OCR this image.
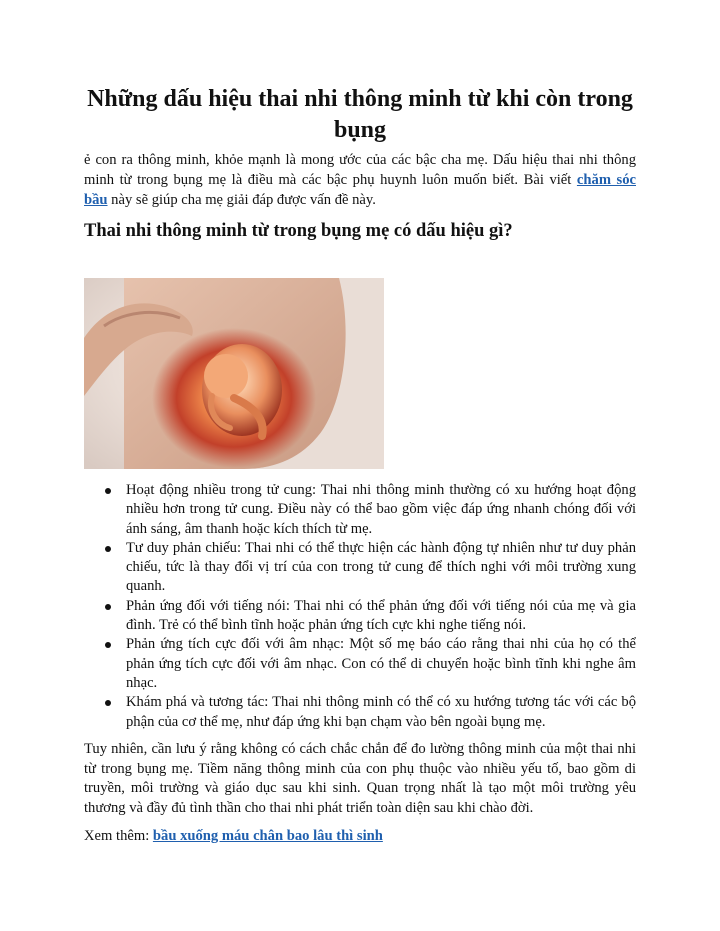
Những dấu hiệu thai nhi thông minh từ khi còn trong bụng

ẻ con ra thông minh, khỏe mạnh là mong ước của các bậc cha mẹ. Dấu hiệu thai nhi thông
minh từ trong bụng mẹ là điều mà các bậc phụ huynh luôn muốn biết. Bài viết chăm sóc
bầu này sẽ giúp cha mẹ giải đáp được vấn đề này.

Thai nhi thông minh từ trong bụng mẹ có dấu hiệu gì?
Hoạt động nhiều trong tử cung: Thai nhi thông minh thường có xu hướng hoạt động nhiều hơn trong tử cung. Điều này có thể bao gồm việc đáp ứng nhanh chóng đối với ánh sáng, âm thanh hoặc kích thích từ mẹ.
Tư duy phản chiếu: Thai nhi có thể thực hiện các hành động tự nhiên như tư duy phản chiếu, tức là thay đổi vị trí của con trong tử cung để thích nghi với môi trường xung quanh.
Phản ứng đối với tiếng nói: Thai nhi có thể phản ứng đối với tiếng nói của mẹ và gia đình. Trẻ có thể bình tĩnh hoặc phản ứng tích cực khi nghe tiếng nói.
Phản ứng tích cực đối với âm nhạc: Một số mẹ báo cáo rằng thai nhi của họ có thể phản ứng tích cực đối với âm nhạc. Con có thể di chuyển hoặc bình tĩnh khi nghe âm nhạc.
Khám phá và tương tác: Thai nhi thông minh có thể có xu hướng tương tác với các bộ phận của cơ thể mẹ, như đáp ứng khi bạn chạm vào bên ngoài bụng mẹ.

Tuy nhiên, cần lưu ý rằng không có cách chắc chắn để đo lường thông minh của một thai nhi từ trong bụng mẹ. Tiềm năng thông minh của con phụ thuộc vào nhiều yếu tố, bao gồm di truyền, môi trường và giáo dục sau khi sinh. Quan trọng nhất là tạo một môi trường yêu thương và đầy đủ tình thần cho thai nhi phát triển toàn diện sau khi chào đời.

Xem thêm: bầu xuống máu chân bao lâu thì sinh
